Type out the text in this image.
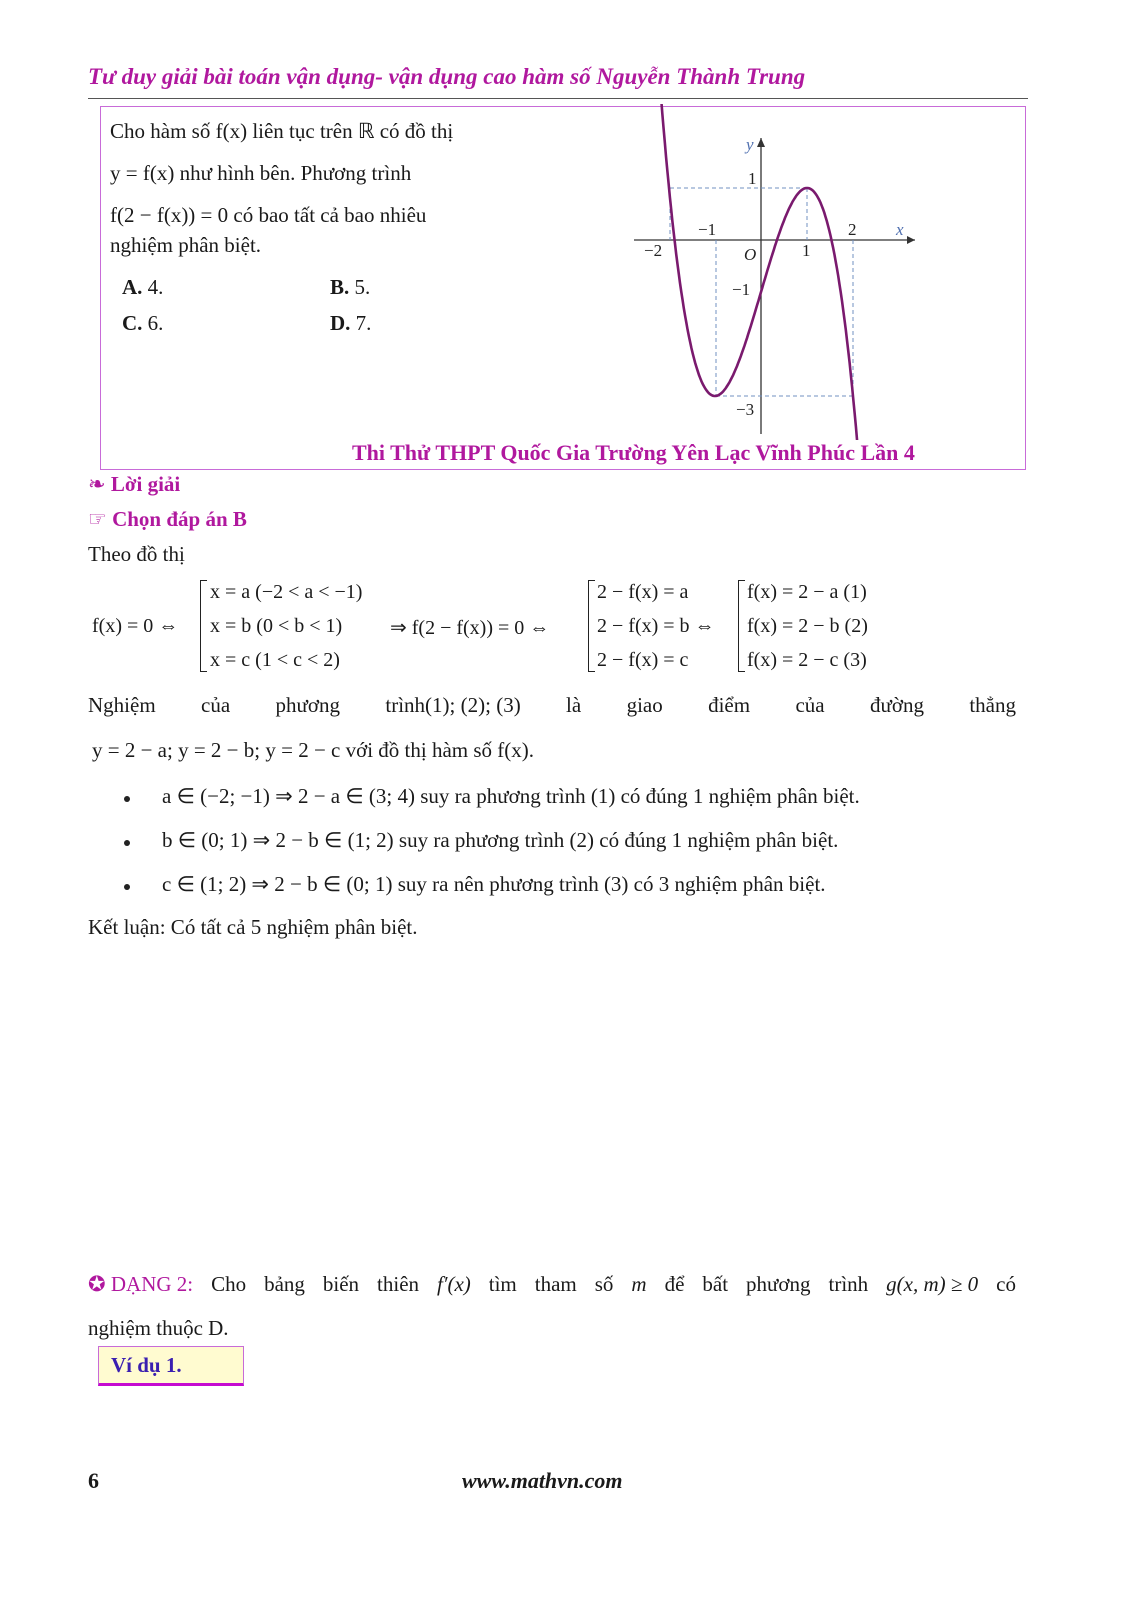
Tư duy giải bài toán vận dụng- vận dụng cao hàm số Nguyễn Thành Trung
Cho hàm số f(x) liên tục trên ℝ có đồ thị
y = f(x) như hình bên. Phương trình
f(2 − f(x)) = 0 có bao tất cả bao nhiêu
nghiệm phân biệt.
A. 4.	B. 5.
C. 6.	D. 7.
y
x
1
−2
−1
O	1
2
−1
−3
Thi Thử THPT Quốc Gia Trường Yên Lạc Vĩnh Phúc Lần 4
❧ Lời giải
☞ Chọn đáp án B
Theo đồ thị
f(x) = 0 ⇔
x = a (−2 < a < −1)
x = b (0 < b < 1)
x = c (1 < c < 2)
⇒ f(2 − f(x)) = 0 ⇔
2 − f(x) = a
2 − f(x) = b ⇔
2 − f(x) = c
f(x) = 2 − a (1)
f(x) = 2 − b (2)
f(x) = 2 − c (3)
Nghiệm của phương trình(1); (2); (3) là giao điểm của đường thẳng
y = 2 − a; y = 2 − b; y = 2 − c với đồ thị hàm số f(x).
a ∈ (−2; −1) ⇒ 2 − a ∈ (3; 4) suy ra phương trình (1) có đúng 1 nghiệm phân biệt.
b ∈ (0; 1) ⇒ 2 − b ∈ (1; 2) suy ra phương trình (2) có đúng 1 nghiệm phân biệt.
c ∈ (1; 2) ⇒ 2 − b ∈ (0; 1) suy ra nên phương trình (3) có 3 nghiệm phân biệt.
Kết luận: Có tất cả 5 nghiệm phân biệt.
✪ DẠNG 2: Cho bảng biến thiên f′(x) tìm tham số m để bất phương trình g(x, m) ≥ 0 có
nghiệm thuộc D.
Ví dụ 1.
6	www.mathvn.com
